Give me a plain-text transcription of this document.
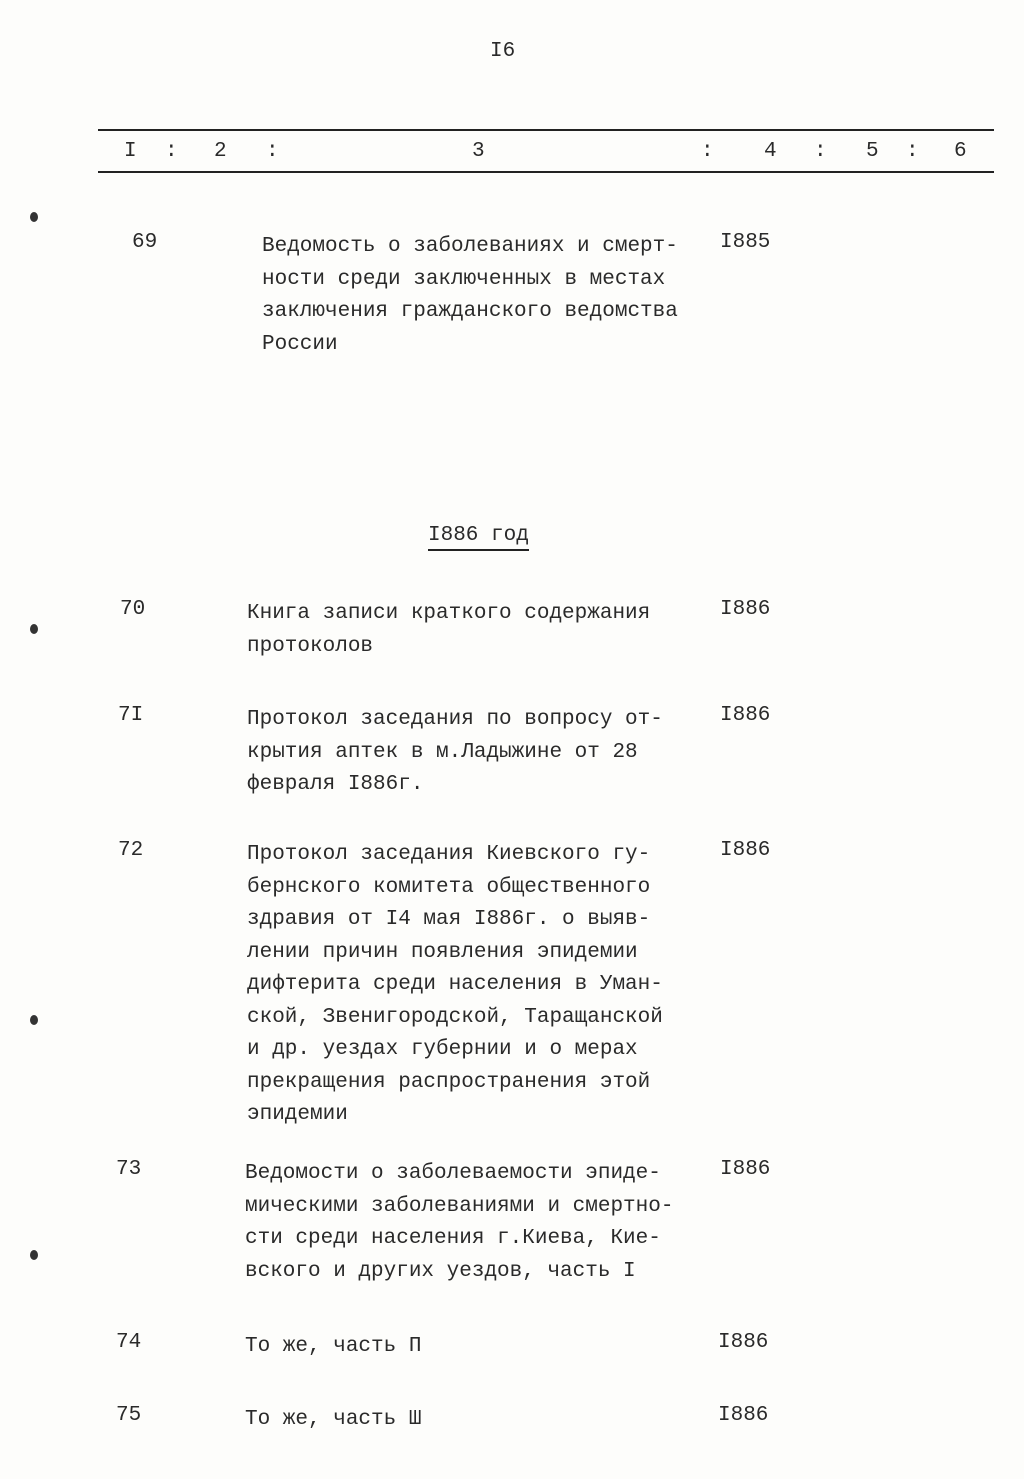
I6
I : 2 :	3	: 4 : 5 : 6
I886 год
69	Ведомость о заболеваниях и смерт-
ности среди заключенных в местах
заключения гражданского ведомства
России
I885
70	Книга записи краткого содержания
протоколов
I886
7I	Протокол заседания по вопросу от-
крытия аптек в м.Ладыжине от 28
февраля I886г.
I886
72	Протокол заседания Киевского гу-
бернского комитета общественного
здравия от I4 мая I886г. о выяв-
лении причин появления эпидемии
дифтерита среди населения в Уман-
ской, Звенигородской, Таращанской
и др. уездах губернии и о мерах
прекращения распространения этой
эпидемии
I886
73	Ведомости о заболеваемости эпиде-
мическими заболеваниями и смертно-
сти среди населения г.Киева, Кие-
вского и других уездов, часть I
I886
74	То же, часть П	I886
75	То же, часть Ш	I886
